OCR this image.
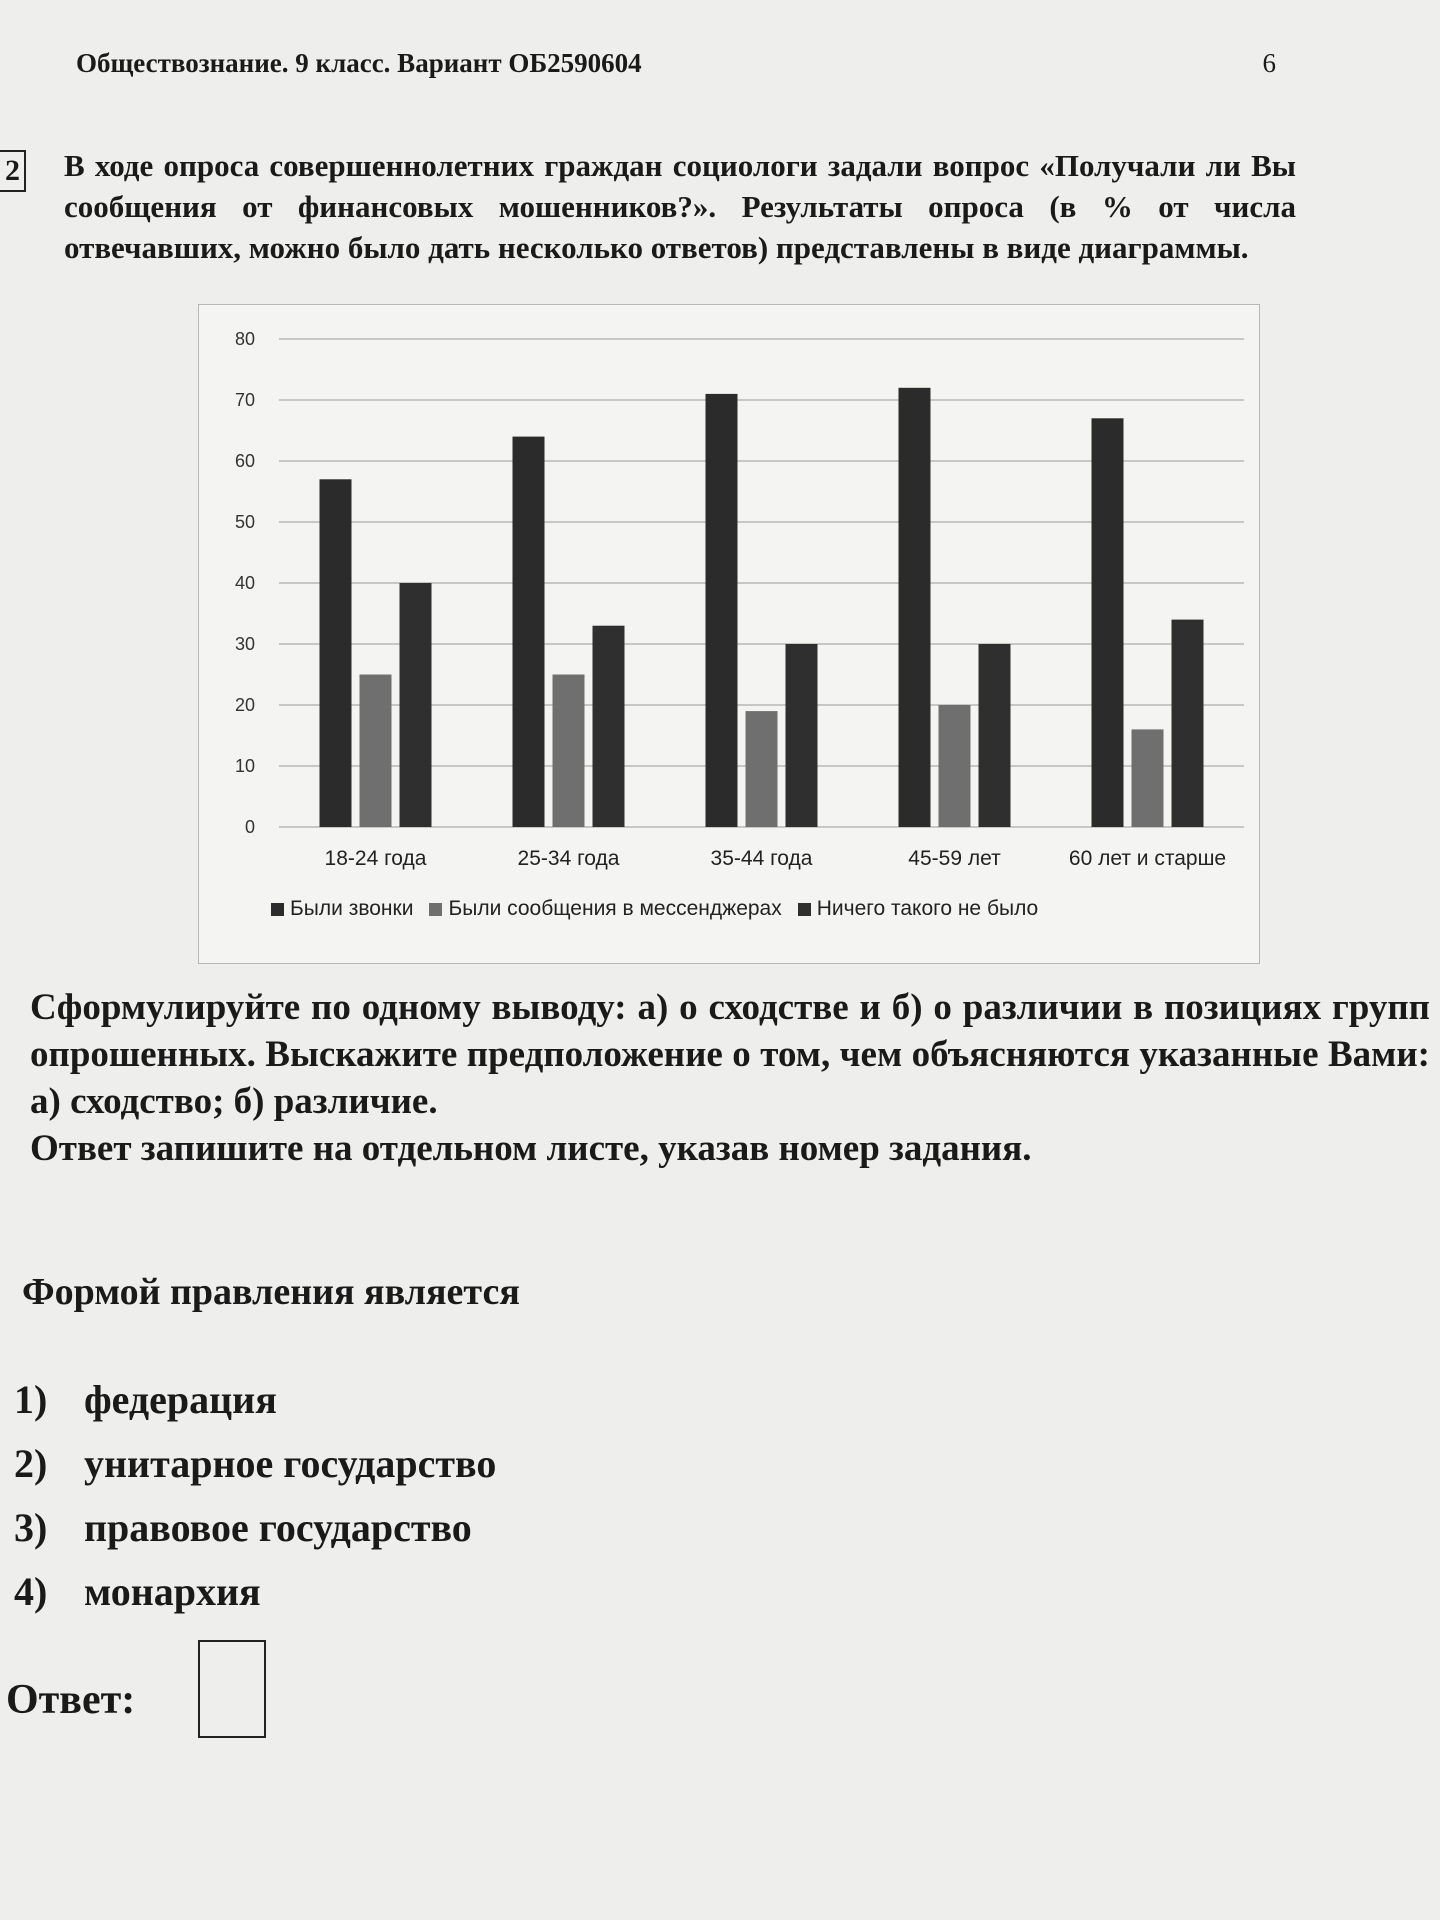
Обществознание. 9 класс. Вариант ОБ2590604	6
2 В ходе опроса совершеннолетних граждан социологи задали вопрос «Получали ли Вы сообщения от финансовых мошенников?». Результаты опроса (в % от числа отвечавших, можно было дать несколько ответов) представлены в виде диаграммы.
0
10
20
30
40
50
60
70
80
18-24 года	25-34 года	35-44 года	45-59 лет	60 лет и старше
Были звонки Были сообщения в мессенджерах Ничего такого не было

Сформулируйте по одному выводу: а) о сходстве и б) о различии в позициях групп опрошенных. Выскажите предположение о том, чем объясняются указанные Вами: а) сходство; б) различие.

Ответ запишите на отдельном листе, указав номер задания.

Формой правления является
1) федерация
2) унитарное государство
3) правовое государство
4) монархия
Ответ:
